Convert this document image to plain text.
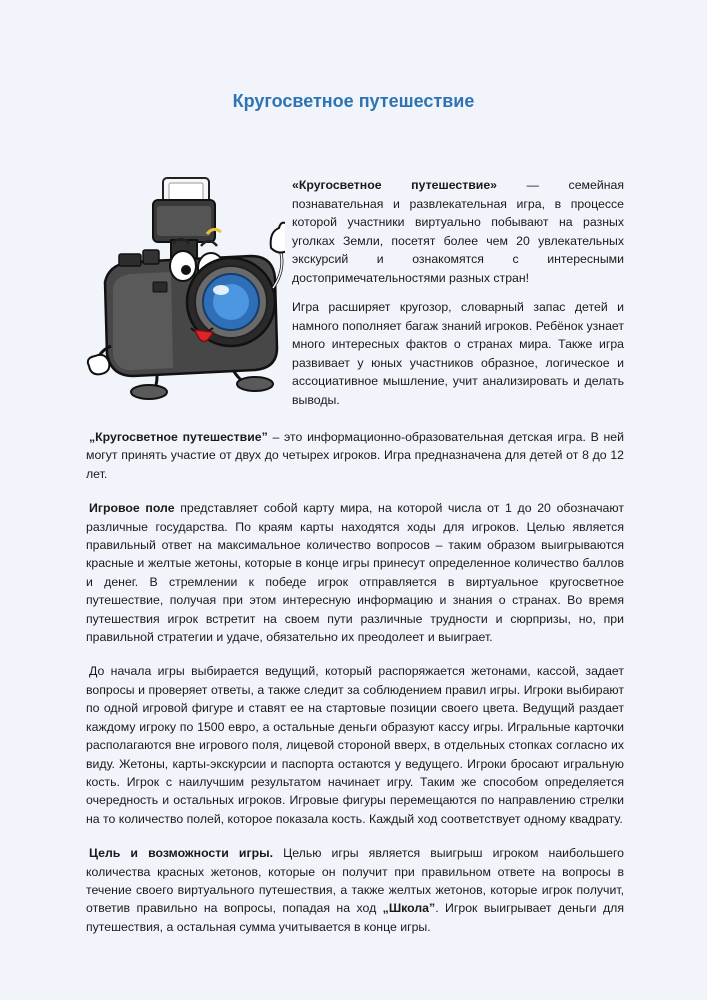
Кругосветное путешествие

«Кругосветное путешествие» — семейная познавательная и развлекательная игра, в процессе которой участники виртуально побывают на разных уголках Земли, посетят более чем 20 увлекательных экскурсий и ознакомятся с интересными достопримечательностями разных стран!

Игра расширяет кругозор, словарный запас детей и намного пополняет багаж знаний игроков. Ребёнок узнает много интересных фактов о странах мира. Также игра развивает у юных участников образное, логическое и ассоциативное мышление, учит анализировать и делать выводы.

„Кругосветное путешествие” – это информационно-образовательная детская игра. В ней могут принять участие от двух до четырех игроков. Игра предназначена для детей от 8 до 12 лет.

Игровое поле представляет собой карту мира, на которой числа от 1 до 20 обозначают различные государства. По краям карты находятся ходы для игроков. Целью является правильный ответ на максимальное количество вопросов – таким образом выигрываются красные и желтые жетоны, которые в конце игры принесут определенное количество баллов и денег. В стремлении к победе игрок отправляется в виртуальное кругосветное путешествие, получая при этом интересную информацию и знания о странах. Во время путешествия игрок встретит на своем пути различные трудности и сюрпризы, но, при правильной стратегии и удаче, обязательно их преодолеет и выиграет.

До начала игры выбирается ведущий, который распоряжается жетонами, кассой, задает вопросы и проверяет ответы, а также следит за соблюдением правил игры. Игроки выбирают по одной игровой фигуре и ставят ее на стартовые позиции своего цвета. Ведущий раздает каждому игроку по 1500 евро, а остальные деньги образуют кассу игры. Игральные карточки располагаются вне игрового поля, лицевой стороной вверх, в отдельных стопках согласно их виду. Жетоны, карты-экскурсии и паспорта остаются у ведущего. Игроки бросают игральную кость. Игрок с наилучшим результатом начинает игру. Таким же способом определяется очередность и остальных игроков. Игровые фигуры перемещаются по направлению стрелки на то количество полей, которое показала кость. Каждый ход соответствует одному квадрату.

Цель и возможности игры. Целью игры является выигрыш игроком наибольшего количества красных жетонов, которые он получит при правильном ответе на вопросы в течение своего виртуального путешествия, а также желтых жетонов, которые игрок получит, ответив правильно на вопросы, попадая на ход „Школа”. Игрок выигрывает деньги для путешествия, а остальная сумма учитывается в конце игры.
